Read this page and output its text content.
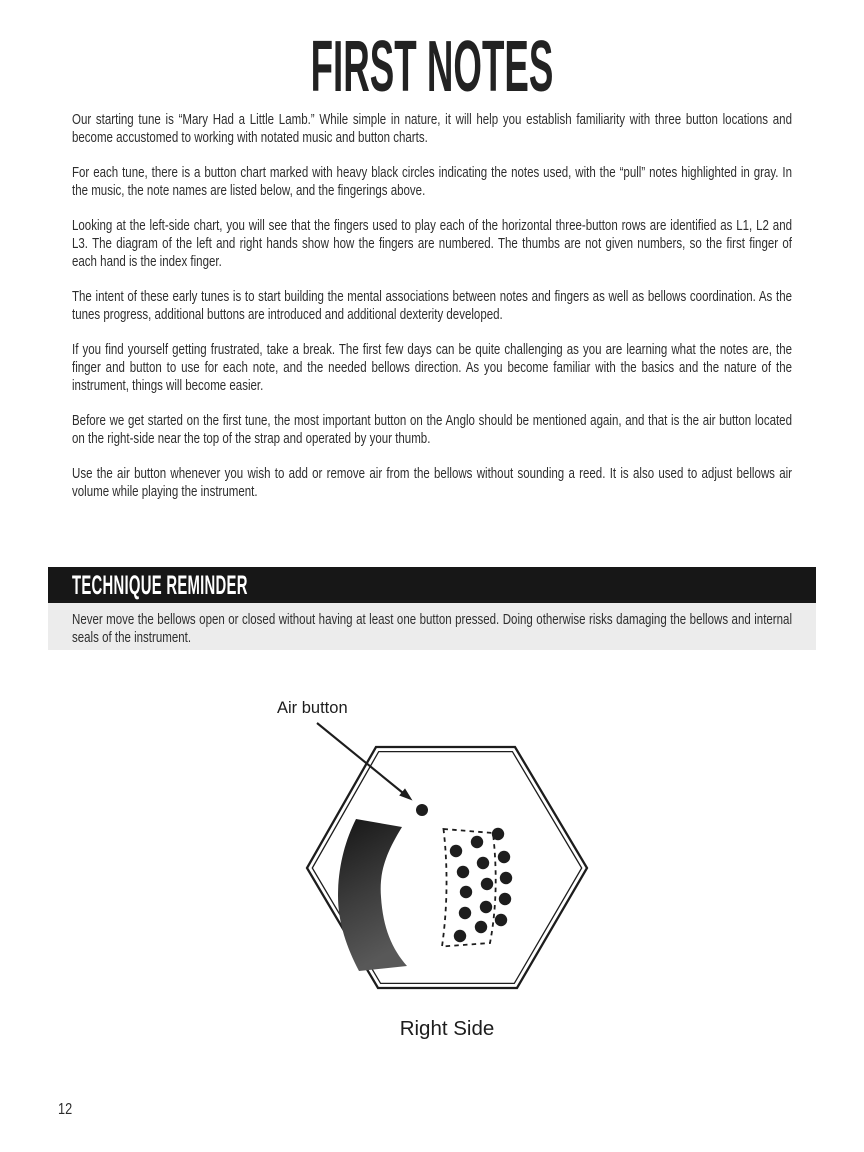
FIRST NOTES

Our starting tune is “Mary Had a Little Lamb.” While simple in nature, it will help you establish familiarity with three button locations and become accustomed to working with notated music and button charts.

For each tune, there is a button chart marked with heavy black circles indicating the notes used, with the “pull” notes highlighted in gray. In the music, the note names are listed below, and the fingerings above.

Looking at the left-side chart, you will see that the fingers used to play each of the horizontal three-button rows are identified as L1, L2 and L3. The diagram of the left and right hands show how the fingers are numbered. The thumbs are not given numbers, so the first finger of each hand is the index finger.

The intent of these early tunes is to start building the mental associations between notes and fingers as well as bellows coordination. As the tunes progress, additional buttons are introduced and additional dexterity developed.

If you find yourself getting frustrated, take a break. The first few days can be quite challenging as you are learning what the notes are, the finger and button to use for each note, and the needed bellows direction. As you become familiar with the basics and the nature of the instrument, things will become easier.

Before we get started on the first tune, the most important button on the Anglo should be mentioned again, and that is the air button located on the right-side near the top of the strap and operated by your thumb.

Use the air button whenever you wish to add or remove air from the bellows without sounding a reed. It is also used to adjust bellows air volume while playing the instrument.

TECHNIQUE REMINDER

Never move the bellows open or closed without having at least one button pressed. Doing otherwise risks damaging the bellows and internal seals of the instrument.

Air button
Right Side
12
